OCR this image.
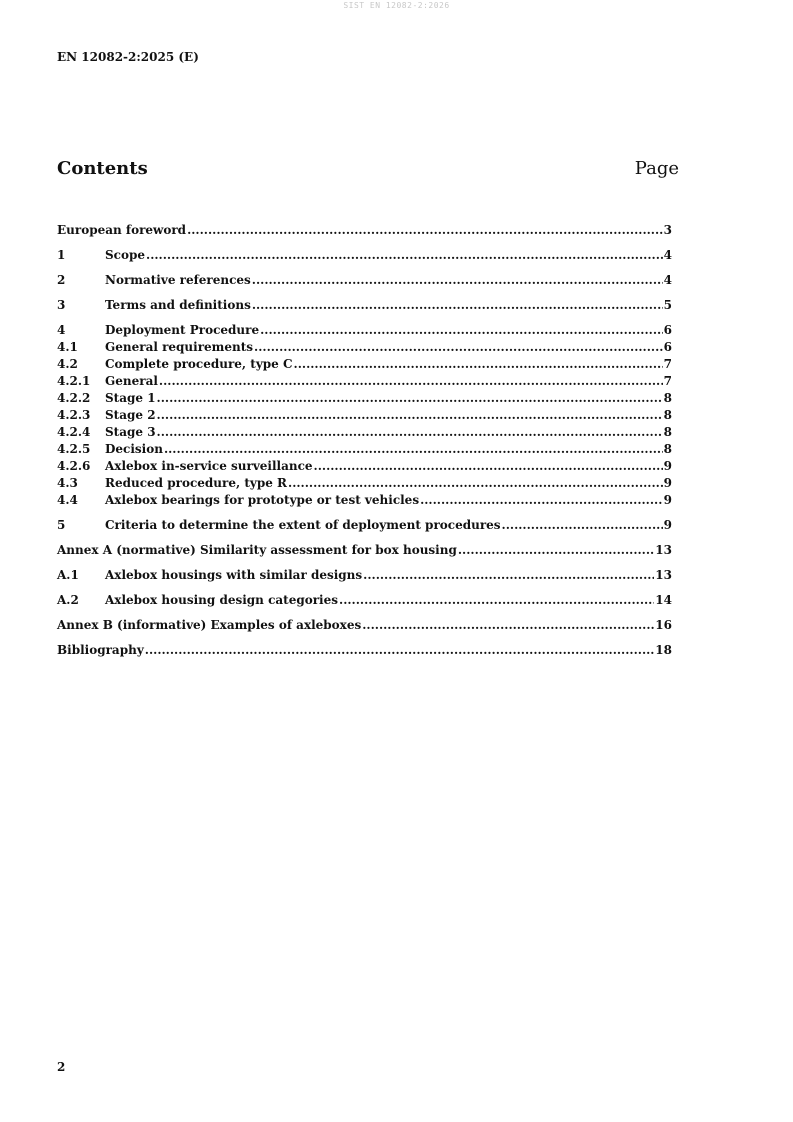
SIST EN 12082-2:2026
EN 12082-2:2025 (E)
Contents	Page
European foreword .....	3
1	Scope .....	4
2	Normative references .....	4
3	Terms and definitions .....	5
4	Deployment Procedure .....	6
4.1	General requirements .....	6
4.2	Complete procedure, type C .....	7
4.2.1	General .....	7
4.2.2	Stage 1 .....	8
4.2.3	Stage 2 .....	8
4.2.4	Stage 3 .....	8
4.2.5	Decision .....	8
4.2.6	Axlebox in-service surveillance .....	9
4.3	Reduced procedure, type R .....	9
4.4	Axlebox bearings for prototype or test vehicles .....	9
5	Criteria to determine the extent of deployment procedures .....	9
Annex A (normative) Similarity assessment for box housing .....	13
A.1	Axlebox housings with similar designs .....	13
A.2	Axlebox housing design categories .....	14
Annex B (informative) Examples of axleboxes .....	16
Bibliography .....	18
2
